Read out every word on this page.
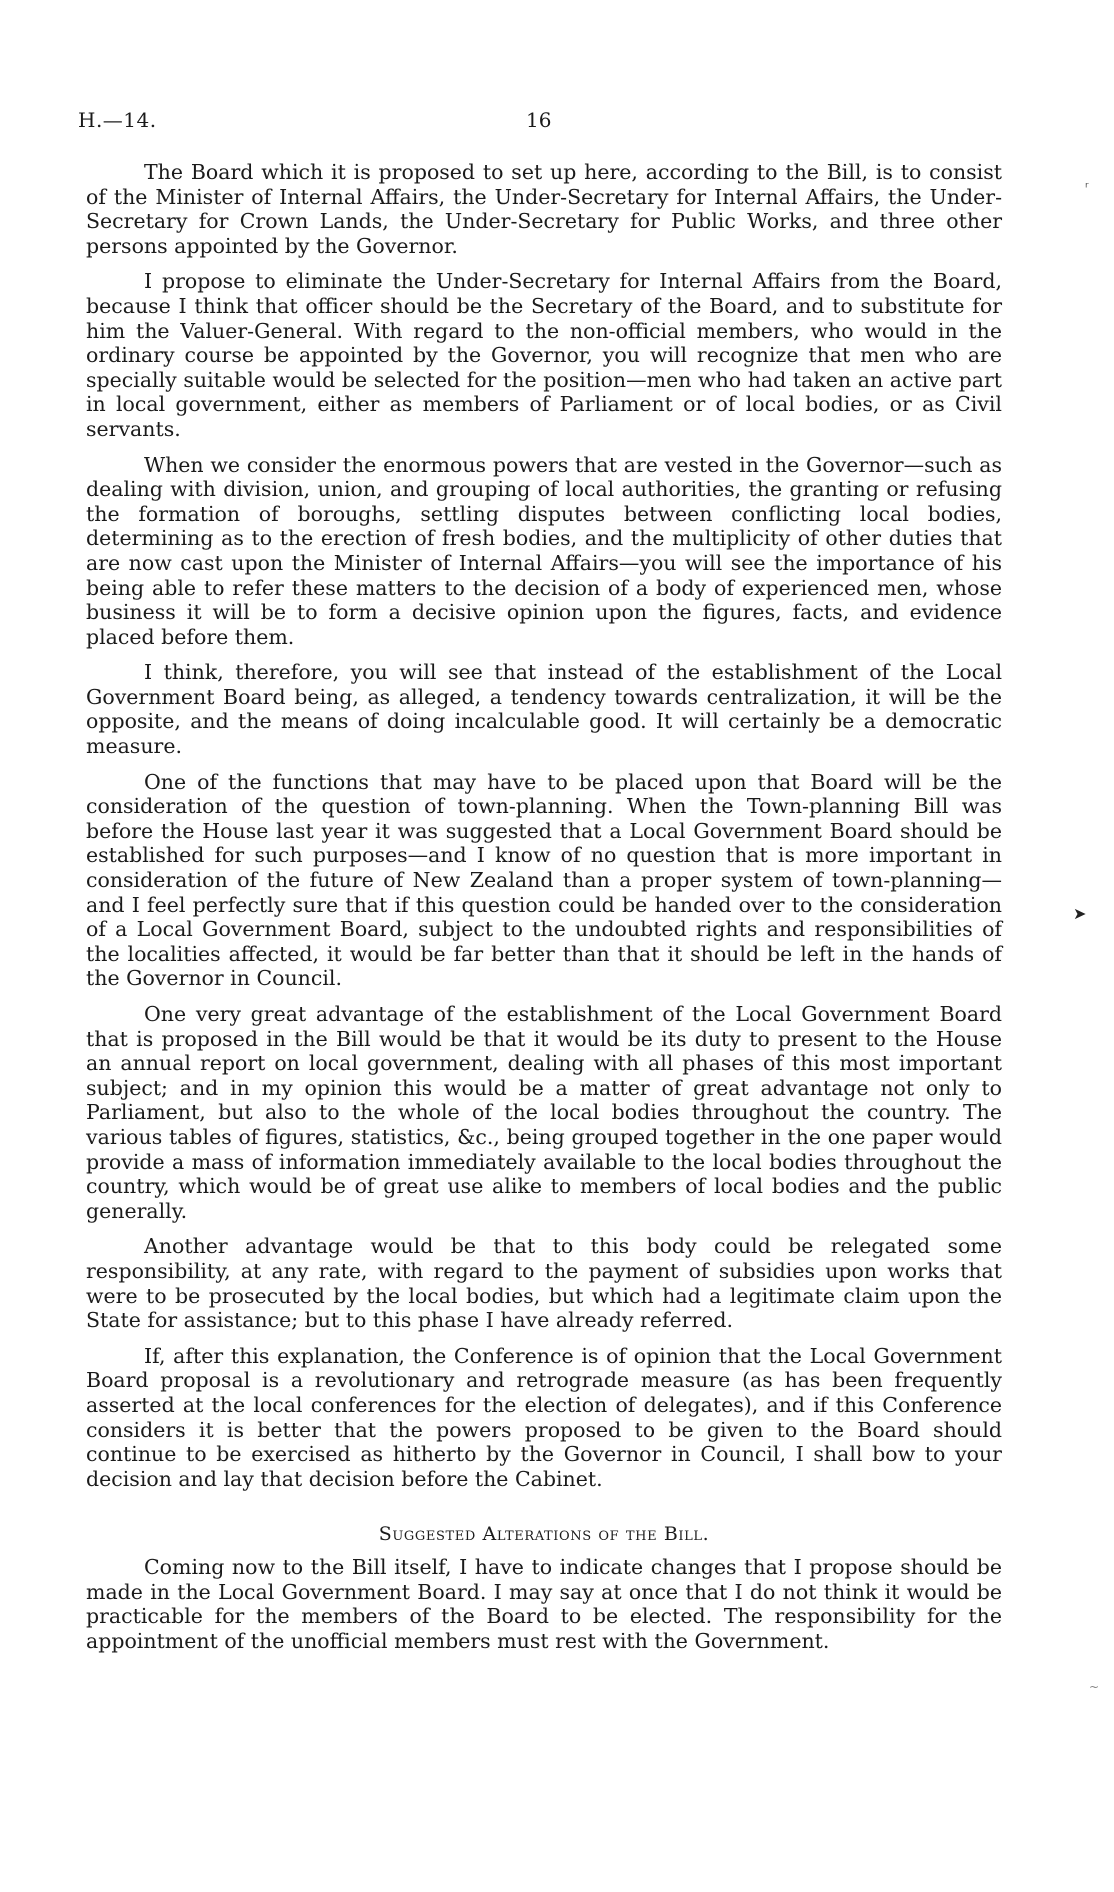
H.—14.	16

The Board which it is proposed to set up here, according to the Bill, is to consist of the Minister of Internal Affairs, the Under-Secretary for Internal Affairs, the Under-Secretary for Crown Lands, the Under-Secretary for Public Works, and three other persons appointed by the Governor.

I propose to eliminate the Under-Secretary for Internal Affairs from the Board, because I think that officer should be the Secretary of the Board, and to substitute for him the Valuer-General. With regard to the non-official members, who would in the ordinary course be appointed by the Governor, you will recognize that men who are specially suitable would be selected for the position—men who had taken an active part in local government, either as members of Parliament or of local bodies, or as Civil servants.

When we consider the enormous powers that are vested in the Governor—such as dealing with division, union, and grouping of local authorities, the granting or refusing the formation of boroughs, settling disputes between conflicting local bodies, determining as to the erection of fresh bodies, and the multiplicity of other duties that are now cast upon the Minister of Internal Affairs—you will see the importance of his being able to refer these matters to the decision of a body of experienced men, whose business it will be to form a decisive opinion upon the figures, facts, and evidence placed before them.

I think, therefore, you will see that instead of the establishment of the Local Government Board being, as alleged, a tendency towards centralization, it will be the opposite, and the means of doing incalculable good. It will certainly be a democratic measure.

One of the functions that may have to be placed upon that Board will be the consideration of the question of town-planning. When the Town-planning Bill was before the House last year it was suggested that a Local Government Board should be established for such purposes—and I know of no question that is more important in consideration of the future of New Zealand than a proper system of town-planning—and I feel perfectly sure that if this question could be handed over to the consideration of a Local Government Board, subject to the undoubted rights and responsibilities of the localities affected, it would be far better than that it should be left in the hands of the Governor in Council.

One very great advantage of the establishment of the Local Government Board that is proposed in the Bill would be that it would be its duty to present to the House an annual report on local government, dealing with all phases of this most important subject; and in my opinion this would be a matter of great advantage not only to Parliament, but also to the whole of the local bodies throughout the country. The various tables of figures, statistics, &c., being grouped together in the one paper would provide a mass of information immediately available to the local bodies throughout the country, which would be of great use alike to members of local bodies and the public generally.

Another advantage would be that to this body could be relegated some responsibility, at any rate, with regard to the payment of subsidies upon works that were to be prosecuted by the local bodies, but which had a legitimate claim upon the State for assistance; but to this phase I have already referred.

If, after this explanation, the Conference is of opinion that the Local Government Board proposal is a revolutionary and retrograde measure (as has been frequently asserted at the local conferences for the election of delegates), and if this Conference considers it is better that the powers proposed to be given to the Board should continue to be exercised as hitherto by the Governor in Council, I shall bow to your decision and lay that decision before the Cabinet.

Suggested Alterations of the Bill.

Coming now to the Bill itself, I have to indicate changes that I propose should be made in the Local Government Board. I may say at once that I do not think it would be practicable for the members of the Board to be elected. The responsibility for the appointment of the unofficial members must rest with the Government.

ʳ
➤
~
